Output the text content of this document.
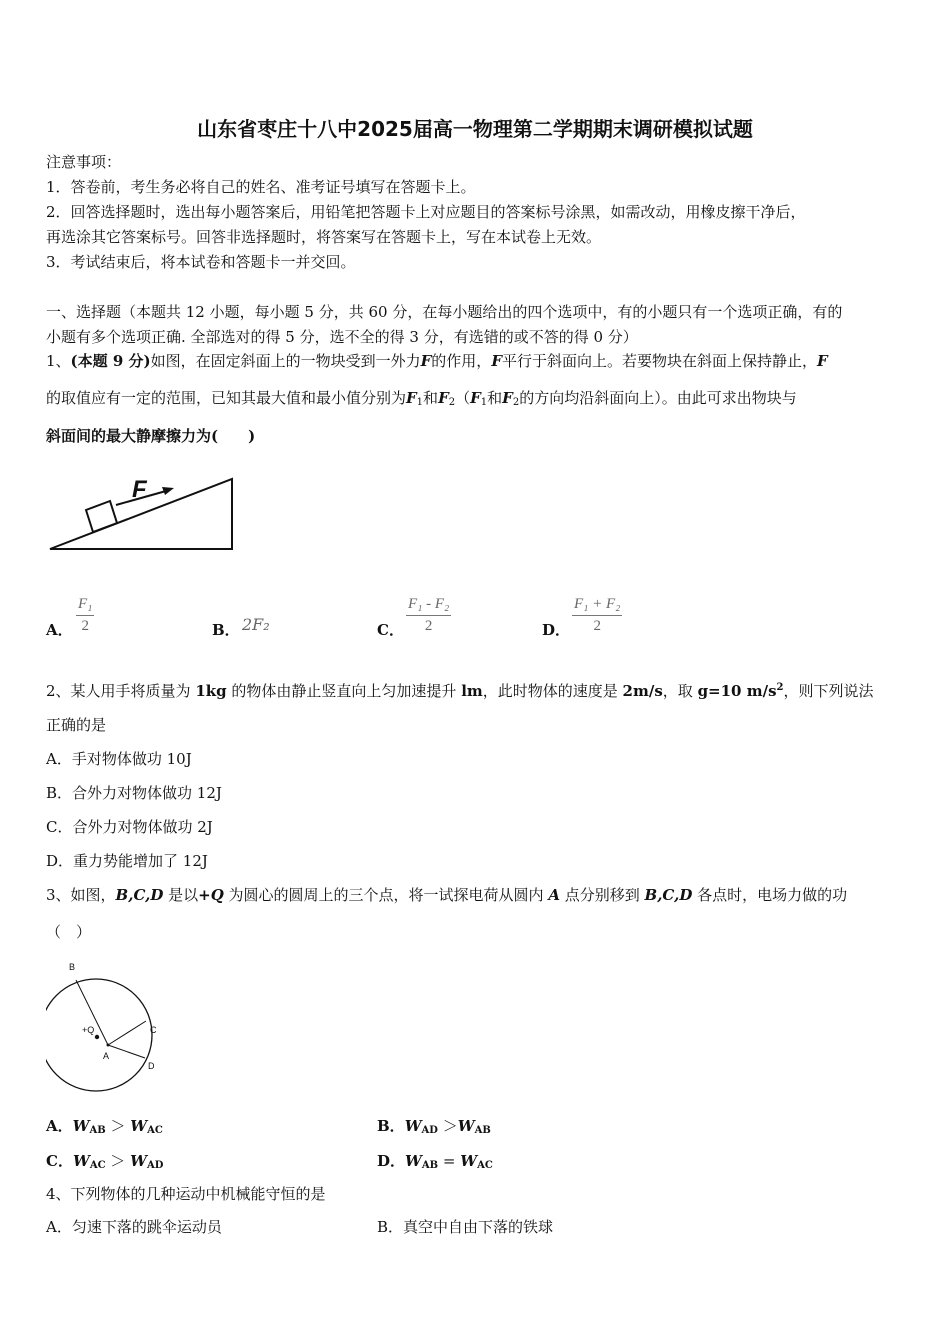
山东省枣庄十八中2025届高一物理第二学期期末调研模拟试题
注意事项：
1．答卷前，考生务必将自己的姓名、准考证号填写在答题卡上。
2．回答选择题时，选出每小题答案后，用铅笔把答题卡上对应题目的答案标号涂黑，如需改动，用橡皮擦干净后，
再选涂其它答案标号。回答非选择题时，将答案写在答题卡上，写在本试卷上无效。
3．考试结束后，将本试卷和答题卡一并交回。
一、选择题（本题共 12 小题，每小题 5 分，共 60 分，在每小题给出的四个选项中，有的小题只有一个选项正确，有的
小题有多个选项正确. 全部选对的得 5 分，选不全的得 3 分，有选错的或不答的得 0 分）
1、(本题 9 分)如图，在固定斜面上的一物块受到一外力F的作用，F平行于斜面向上。若要物块在斜面上保持静止，F
的取值应有一定的范围，已知其最大值和最小值分别为$F_1$和$F_2(F_1$和$F_2$的方向均沿斜面向上）。由此可求出物块与
斜面间的最大静摩擦力为(　　)
F
A． $\frac{\text{F₁}}{2}$	B． 2F₂	C． $\frac{\text{F₁ - F₂}}{2}$	D． $\frac{\text{F₁ + F₂}}{2}$
2、某人用手将质量为 1kg 的物体由静止竖直向上匀加速提升 lm，此时物体的速度是 2m/s，取 g=10 $m/s^2$，则下列说法
正确的是
A．手对物体做功 10J
B．合外力对物体做功 12J
C．合外力对物体做功 2J
D．重力势能增加了 12J
3、如图，B,C,D 是以+Q 为圆心的圆周上的三个点，将一试探电荷从圆内 A 点分别移到 B,C,D 各点时，电场力做的功
（　）
B
C
D
+Q
A
A．$W_{AB} > W_{AC}$	B．$W_{AD} >W_{AB}$
C．$W_{AC} > W_{AD}$	D．$W_{AB} = W_{AC}$
4、下列物体的几种运动中机械能守恒的是
A．匀速下落的跳伞运动员	B．真空中自由下落的铁球
